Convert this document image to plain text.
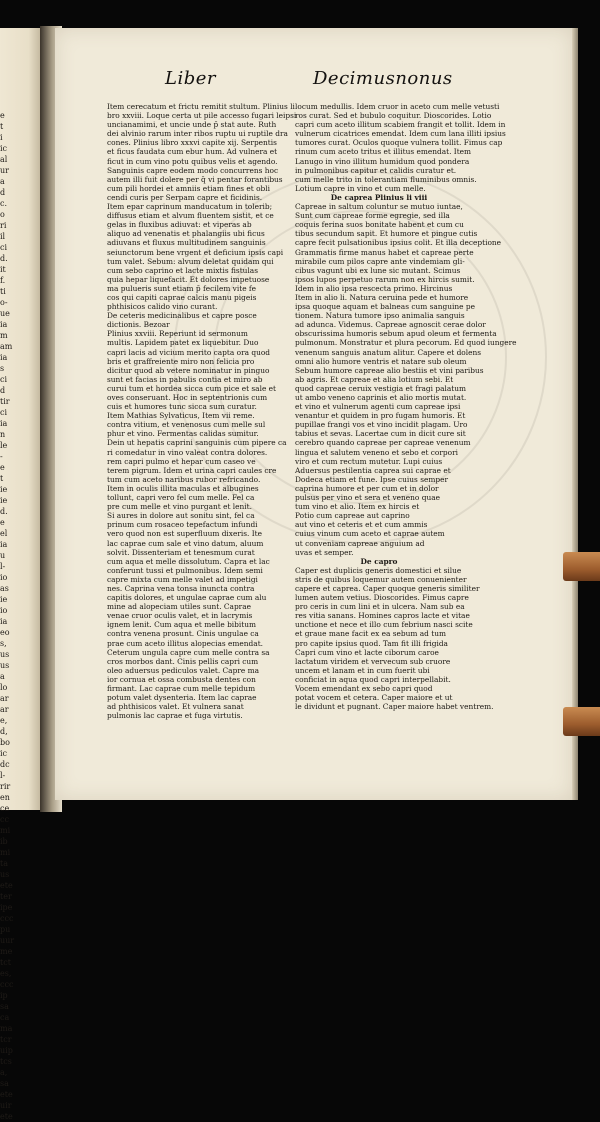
e
t
i
ic
al
ur
a
d
c.
o
ri
il
ci
d.
it
f.
ti
o-
ue
ia
m
am
ia
s
ci
d
tir
ci
ia
n
le
-
e
t
ie
ie
d.
e
el
ia
u
l-
io
as
ie
io
ia
eo
s,
us
us
a
lo
ar
ar
e,
d,
bo
ic
dc
l-
rir
en
ce
cc
mi
ib
mi
ta
us
ete
ter
ipe
ccc
pu
uur
me
tct
es,
ccc
ip
sa
ca
ma
tcr
uip
tcs
a,
sa
ete
uir
ete
Liber	Decimusnonus
Item cerecatum et frictu remitit stultum. Plinius li
bro xxviii. Loque certa ut pile accesso fugari leipsi
uncianamimi, et uncie unde p̄ stat aute. Ruth
dei alvinio rarum inter ribos ruptu ui ruptile dra
cones. Plinius libro xxxvi capite xij. Serpentis
et ficus faudata cum ebur hum. Ad vulnera et
ficut in cum vino potu quibus velis et agendo.
Sanguinis capre eodem modo concurrens hoc
autem illi fuit dolere per q̄ vi pentar forantibus
cum pili hordei et amniis etiam fines et obli
cendi curis per Serpam capre et ficidinis.
Item epar caprinum manducatum in tolerib;
diffusus etiam et alvum fluentem sistit, et ce
gelas in fluxibus adiuvat: et viperas ab
aliquo ad venenatis et phalangiis ubi ficus
adiuvans et fluxus multitudinem sanguinis
seiunctorum bene vrgent et deficium ipsis capi
tum valet. Sebum: alvum deletat quidam qui
cum sebo caprino et lacte mixtis fistulas
quia hepar liquefacit. Et dolores impetuose
ma pulueris sunt etiam p̄ fecilem vite fe
cos qui capiti caprae calcis manu pigeis
phthisicos calido vino curant.
De ceteris medicinalibus et capre posce
dictionis. Bezoar
Plinius xxviii. Reperiunt id sermonum
multis. Lapidem patet ex liquebitur. Duo
capri lacis ad vicium merito capta ora quod
bris et graffreiente miro non felicia pro
dicitur quod ab vetere nominatur in pinguo
sunt et facias in pabulis contia et miro ab
curui tum et hordea sicca cum pice et sale et
oves conseruant. Hoc in septentrionis cum
cuis et humores tunc sicca sum curatur.
Item Mathias Sylvaticus, Item vii reme.
contra vitium, et venenosus cum melle sul
phur et vino. Fermentas calidas sumitur.
Dein ut hepatis caprini sanguinis cum pipere ca
ri comedatur in vino valeat contra dolores.
rem capri pulmo et hepar cum caseo ve
terem pigrum. Idem et urina capri caules cre
tum cum aceto naribus rubor refricando.
Item in oculis illita maculas et albugines
tollunt, capri vero fel cum melle. Fel ca
pre cum melle et vino purgant et lenit.
Si aures in dolore aut sonitu sint, fel ca
prinum cum rosaceo tepefactum infundi
vero quod non est superfluum dixeris. Ite
lac caprae cum sale et vino datum, aluum
solvit. Dissenteriam et tenesmum curat
cum aqua et melle dissolutum. Capra et lac
conferunt tussi et pulmonibus. Idem semi
capre mixta cum melle valet ad impetigi
nes. Caprina vena tonsa inuncta contra
capitis dolores, et ungulae caprae cum alu
mine ad alopeciam utiles sunt. Caprae
venae cruor oculis valet, et in lacrymis
ignem lenit. Cum aqua et melle bibitum
contra venena prosunt. Cinis ungulae ca
prae cum aceto illitus alopecias emendat.
Ceterum ungula capre cum melle contra sa
cros morbos dant. Cinis pellis capri cum
oleo aduersus pediculos valet. Capre ma
ior cornua et ossa combusta dentes con
firmant. Lac caprae cum melle tepidum
potum valet dysenteria. Item lac caprae
ad phthisicos valet. Et vulnera sanat
pulmonis lac caprae et fuga virtutis.
locum medullis. Idem cruor in aceto cum melle vetusti
ros curat. Sed et bubulo coquitur. Dioscorides. Lotio
capri cum aceto illitum scabiem frangit et tollit. Idem in
vulnerum cicatrices emendat. Idem cum lana illiti ipsius
tumores curat. Oculos quoque vulnera tollit. Fimus cap
rinum cum aceto tritus et illitus emendat. Item
Lanugo in vino illitum humidum quod pondera
in pulmonibus capitur et calidis curatur et.
cum melle trito in tolerantiam fluminibus omnis.
Lotium capre in vino et cum melle.
De caprea Plinius li viii
Capreae in saltum coluntur se mutuo iuntae,
Sunt cum capreae forme egregie, sed illa
coquis ferina suos bonitate habent et cum cu
tibus secundum sapit. Et humore et pingue cutis
capre fecit pulsationibus ipsius colit. Et illa deceptione
Grammatis firme manus habet et capreae perte
mirabile cum pilos capre ante vindemiam gli-
cibus vagunt ubi ex lune sic mutant. Scimus
ipsos lupos perpetuo rarum non ex hircis sumit.
Idem in alio ipsa rescecta primo. Hircinus
Item in alio li. Natura ceruina pede et humore
ipsa quoque aquam et balneas cum sanguine pe
tionem. Natura tumore ipso animalia sanguis
ad adunca. Videmus. Capreae agnoscit cerae dolor
obscurissima humoris sebum apud oleum et fermenta
pulmonum. Monstratur et plura pecorum. Ed quod iungere
venenum sanguis anatum alitur. Capere et dolens
omni alio humore ventris et natare sub oleum
Sebum humore capreae alio bestiis et vini paribus
ab agris. Et capreae et alia lotium sebi. Et
quod capreae ceruix vestigia et fragi palatum
ut ambo veneno caprinis et alio mortis mutat.
et vino et vulnerum agenti cum capreae ipsi
venantur et quidem in pro fugam humoris. Et
pupillae frangi vos et vino incidit plagam. Uro
tabius et sevas. Lacertae cum in dicit cure sit
cerebro quando capreae per capreae venenum
lingua et salutem veneno et sebo et corpori
viro et cum rectum mutetur. Lupi cuius
Aduersus pestilentia caprea sui caprae et
Dodeca etiam et fune. Ipse cuius semper
caprina humore et per cum et in dolor
pulsus per vino et sera et veneno quae
tum vino et alio. Item ex hircis et
Potio cum capreae aut caprino
aut vino et ceteris et et cum ammis
cuius vinum cum aceto et caprae autem
ut conveniam capreae anguium ad
uvas et semper.
De capro
Caper est duplicis generis domestici et silue
stris de quibus loquemur autem conuenienter
capere et caprea. Caper quoque generis similiter
lumen autem vetius. Dioscorides. Fimus capre
pro ceris in cum lini et in ulcera. Nam sub ea
res vitia sanans. Homines capros lacte et vitae
unctione et nece et illo cum febrium nasci scite
et graue mane facit ex ea sebum ad tum
pro capite ipsius quod. Tam fit illi frigida
Capri cum vino et lacte ciborum caroe
lactatum viridem et vervecum sub cruore
uncem et lanam et in cum fuerit ubi
conficiat in aqua quod capri interpellabit.
Vocem emendant ex sebo capri quod
potat vocem et cetera. Caper maiore et ut
le dividunt et pugnant. Caper maiore habet ventrem.
